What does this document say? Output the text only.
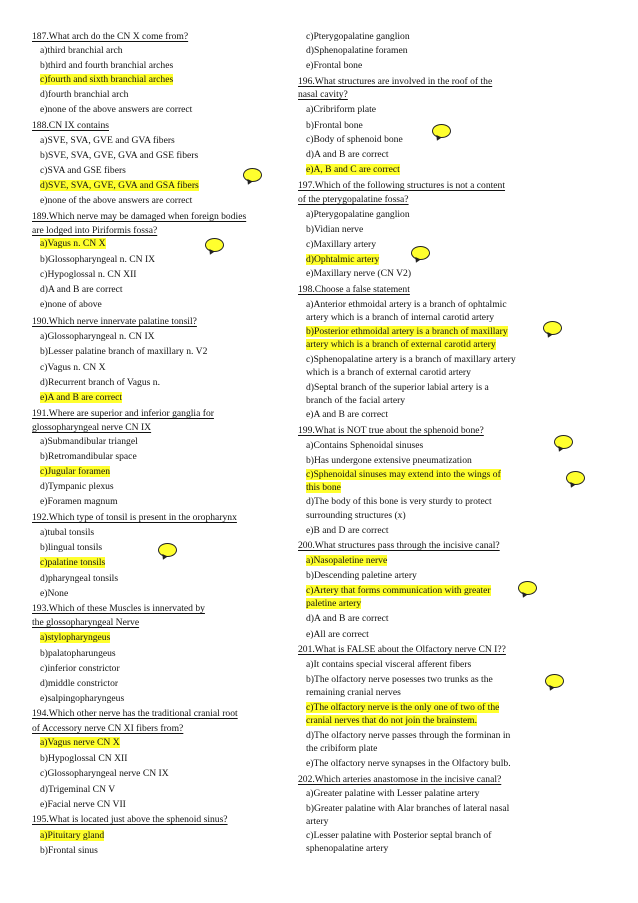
187.What arch do the CN X come from?
a)third branchial arch
b)third and fourth branchial arches
c)fourth and sixth branchial arches
d)fourth branchial arch
e)none of the above answers are correct
188.CN IX contains
a)SVE, SVA, GVE and GVA fibers
b)SVE, SVA, GVE, GVA and GSE fibers
c)SVA and GSE fibers
d)SVE, SVA, GVE, GVA and GSA fibers
e)none of the above answers are correct
189.Which nerve may be damaged when foreign bodies
are lodged into Piriformis fossa?
a)Vagus n. CN X
b)Glossopharyngeal n. CN IX
c)Hypoglossal n. CN XII
d)A and B are correct
e)none of above
190.Which nerve innervate palatine tonsil?
a)Glossopharyngeal n. CN IX
b)Lesser palatine branch of maxillary n. V2
c)Vagus n. CN X
d)Recurrent branch of Vagus n.
e)A and B are correct
191.Where are superior and inferior ganglia for
glossopharyngeal nerve CN IX
a)Submandibular triangel
b)Retromandibular space
c)Jugular foramen
d)Tympanic plexus
e)Foramen magnum
192.Which type of tonsil is present in the oropharynx
a)tubal tonsils
b)lingual tonsils
c)palatine tonsils
d)pharyngeal tonsils
e)None
193.Which of these Muscles is innervated by
the glossopharyngeal Nerve
a)stylopharyngeus
b)palatopharungeus
c)inferior constrictor
d)middle constrictor
e)salpingopharyngeus
194.Which other nerve has the traditional cranial root
of Accessory nerve CN XI fibers from?
a)Vagus nerve CN X
b)Hypoglossal CN XII
c)Glossopharyngeal nerve CN IX
d)Trigeminal CN V
e)Facial nerve CN VII
195.What is located just above the sphenoid sinus?
a)Pituitary gland
b)Frontal sinus
c)Pterygopalatine ganglion
d)Sphenopalatine foramen
e)Frontal bone
196.What structures are involved in the roof of the
nasal cavity?
a)Cribriform plate
b)Frontal bone
c)Body of sphenoid bone
d)A and B are correct
e)A, B and C are correct
197.Which of the following structures is not a content
of the pterygopalatine fossa?
a)Pterygopalatine ganglion
b)Vidian nerve
c)Maxillary artery
d)Ophtalmic artery
e)Maxillary nerve (CN V2)
198.Choose a false statement
a)Anterior ethmoidal artery is a branch of ophtalmic
artery which is a branch of internal carotid artery
b)Posterior ethmoidal artery is a branch of maxillary
artery which is a branch of external carotid artery
c)Sphenopalatine artery is a branch of maxillary artery
which is a branch of external carotid artery
d)Septal branch of the superior labial artery is a
branch of the facial artery
e)A and B are correct
199.What is NOT true about the sphenoid bone?
a)Contains Sphenoidal sinuses
b)Has undergone extensive pneumatization
c)Sphenoidal sinuses may extend into the wings of
this bone
d)The body of this bone is very sturdy to protect
surrounding structures (x)
e)B and D are correct
200.What structures pass through the incisive canal?
a)Nasopaletine nerve
b)Descending paletine artery
c)Artery that forms communication with greater
paletine artery
d)A and B are correct
e)All are correct
201.What is FALSE about the Olfactory nerve CN I??
a)It contains special visceral afferent fibers
b)The olfactory nerve posesses two trunks as the
remaining cranial nerves
c)The olfactory nerve is the only one of two of the
cranial nerves that do not join the brainstem.
d)The olfactory nerve passes through the forminan in
the cribiform plate
e)The olfactory nerve synapses in the Olfactory bulb.
202.Which arteries anastomose in the incisive canal?
a)Greater palatine with Lesser palatine artery
b)Greater palatine with Alar branches of lateral nasal
artery
c)Lesser palatine with Posterior septal branch of
sphenopalatine artery
